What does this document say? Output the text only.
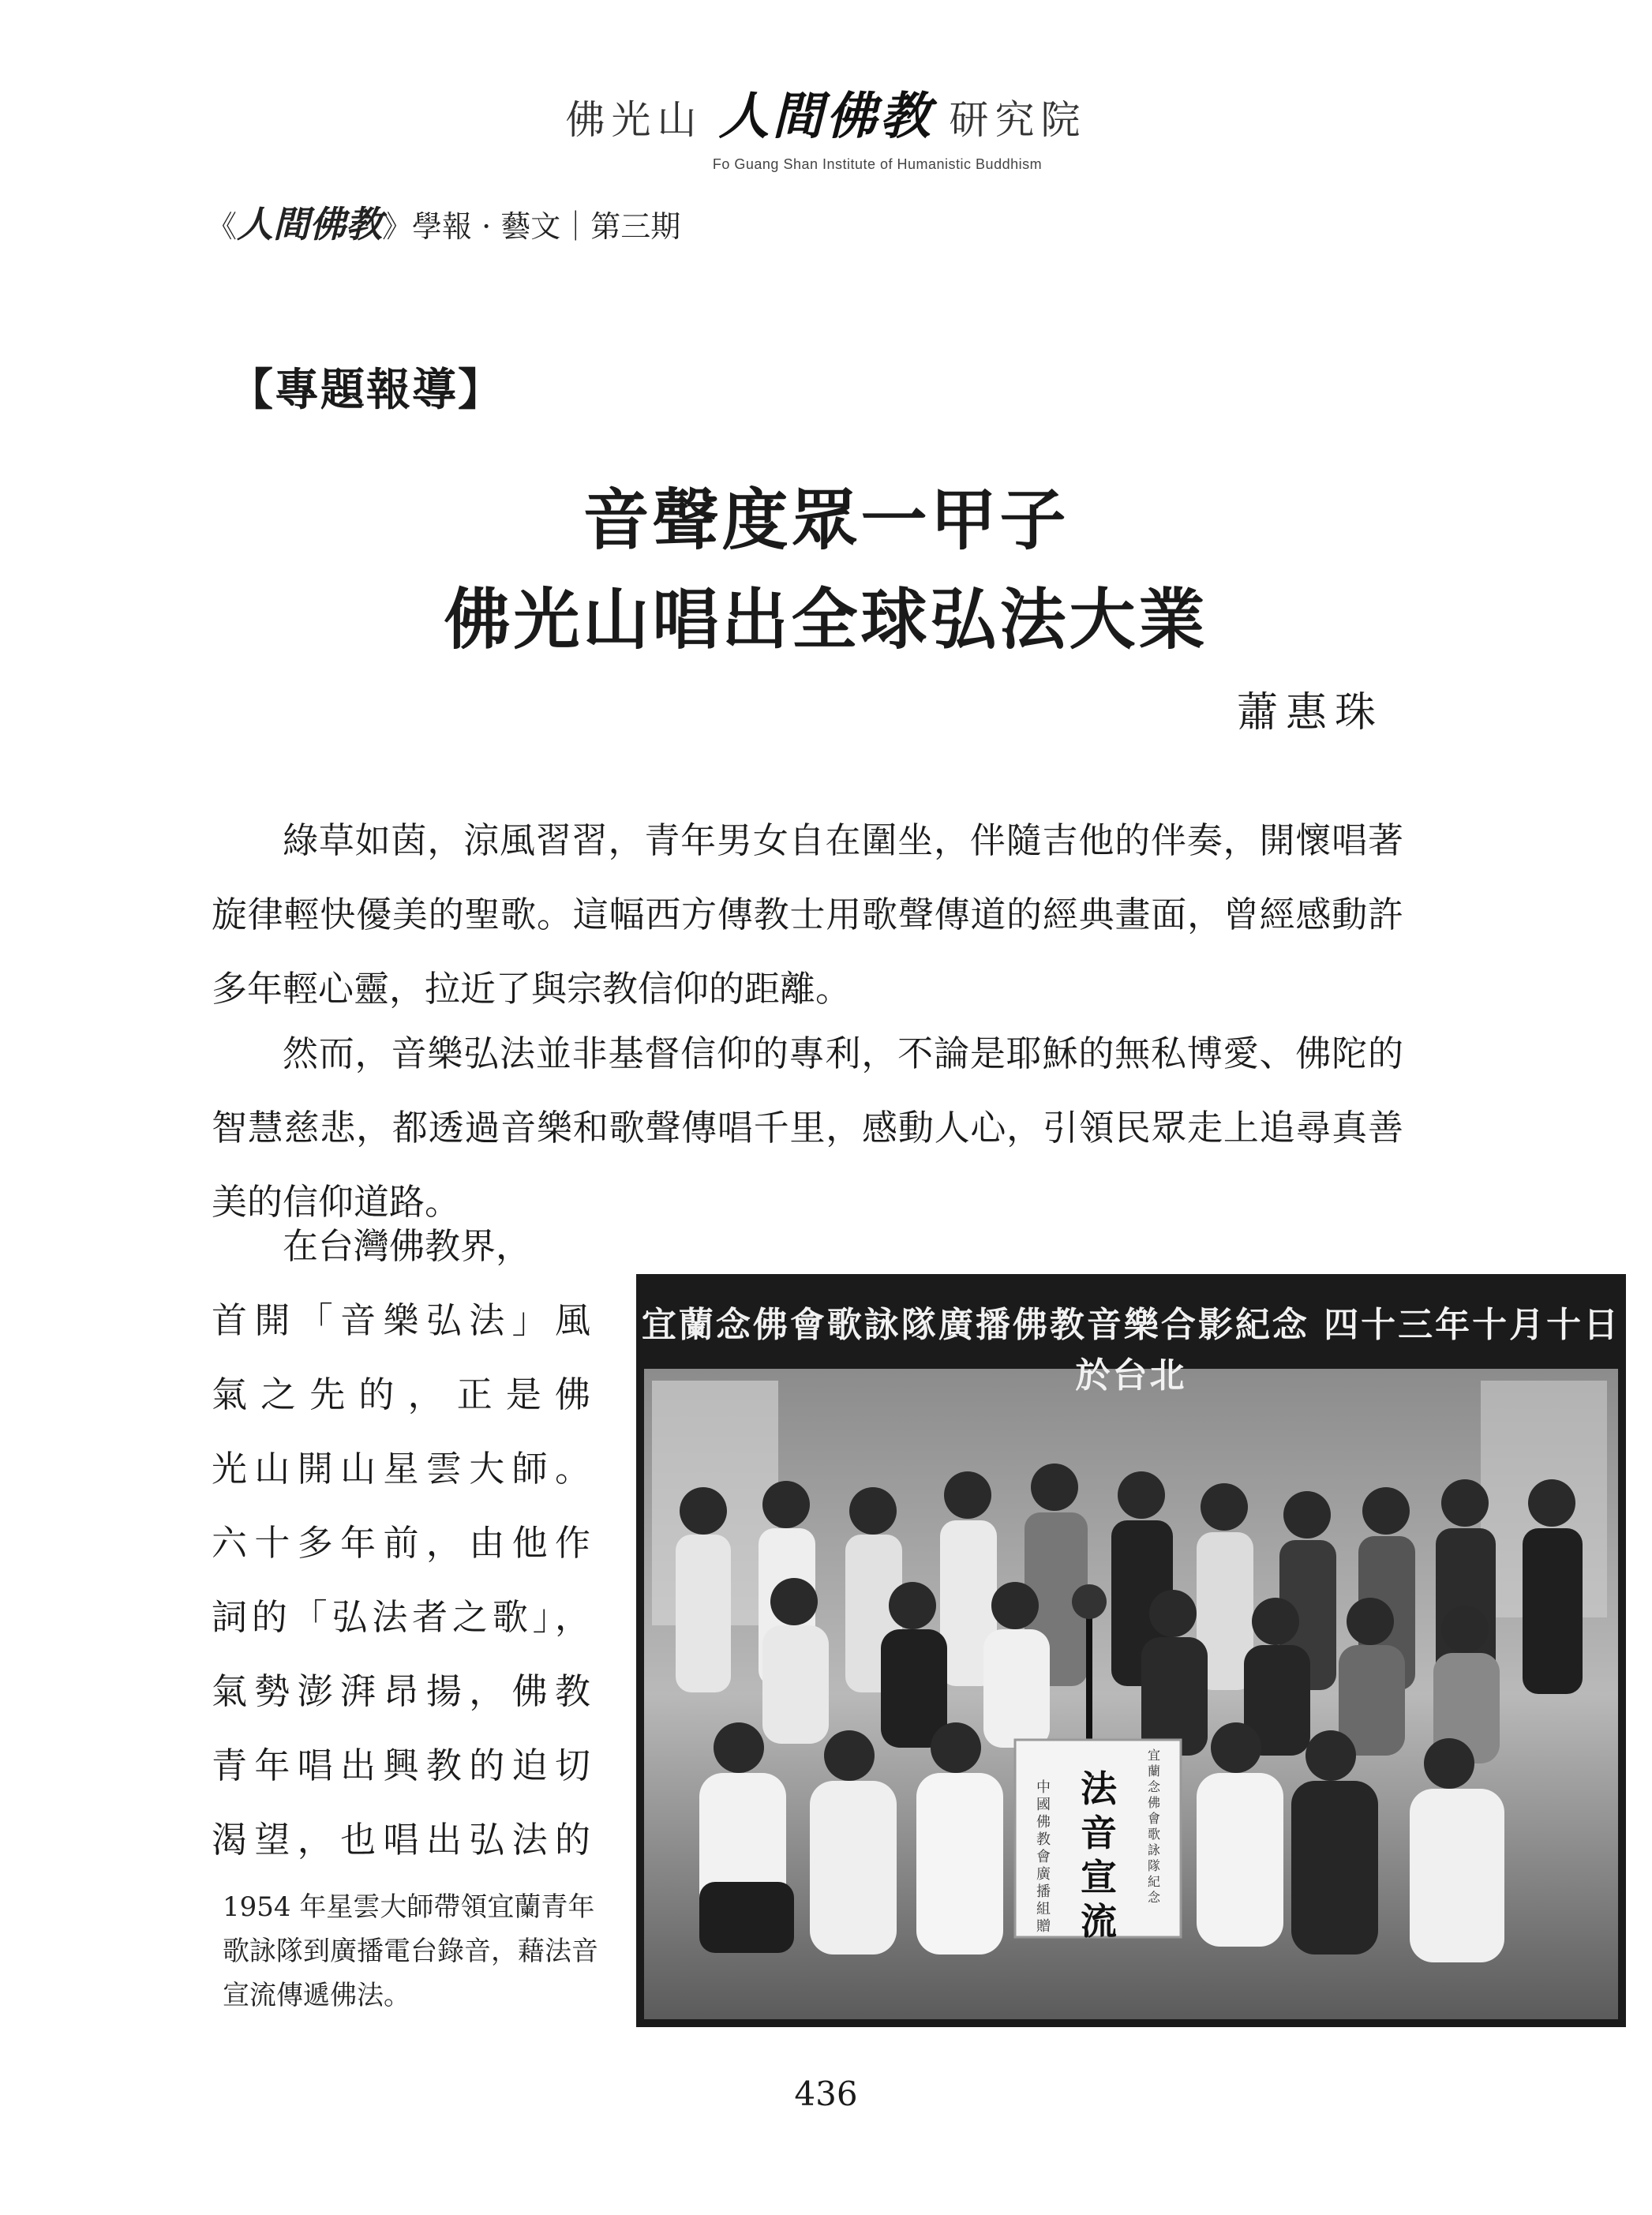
佛光山 人間佛教 研究院
Fo Guang Shan Institute of Humanistic Buddhism
《人間佛教》學報 · 藝文｜第三期
【專題報導】
音聲度眾一甲子
佛光山唱出全球弘法大業
蕭惠珠
綠草如茵，涼風習習，青年男女自在圍坐，伴隨吉他的伴奏，開懷唱著旋律輕快優美的聖歌。這幅西方傳教士用歌聲傳道的經典畫面，曾經感動許多年輕心靈，拉近了與宗教信仰的距離。
然而，音樂弘法並非基督信仰的專利，不論是耶穌的無私博愛、佛陀的智慧慈悲，都透過音樂和歌聲傳唱千里，感動人心，引領民眾走上追尋真善美的信仰道路。
在台灣佛教界，
首開「音樂弘法」風
氣之先的，正是佛
光山開山星雲大師。
六十多年前，由他作
詞的「弘法者之歌」，
氣勢澎湃昂揚，佛教
青年唱出興教的迫切
渴望，也唱出弘法的
1954 年星雲大師帶領宜蘭青年歌詠隊到廣播電台錄音，藉法音宣流傳遞佛法。
宜蘭念佛會歌詠隊廣播佛教音樂合影紀念 四十三年十月十日於台北
法音宣流
中國佛教會廣播組贈
宜蘭念佛會歌詠隊紀念
436
